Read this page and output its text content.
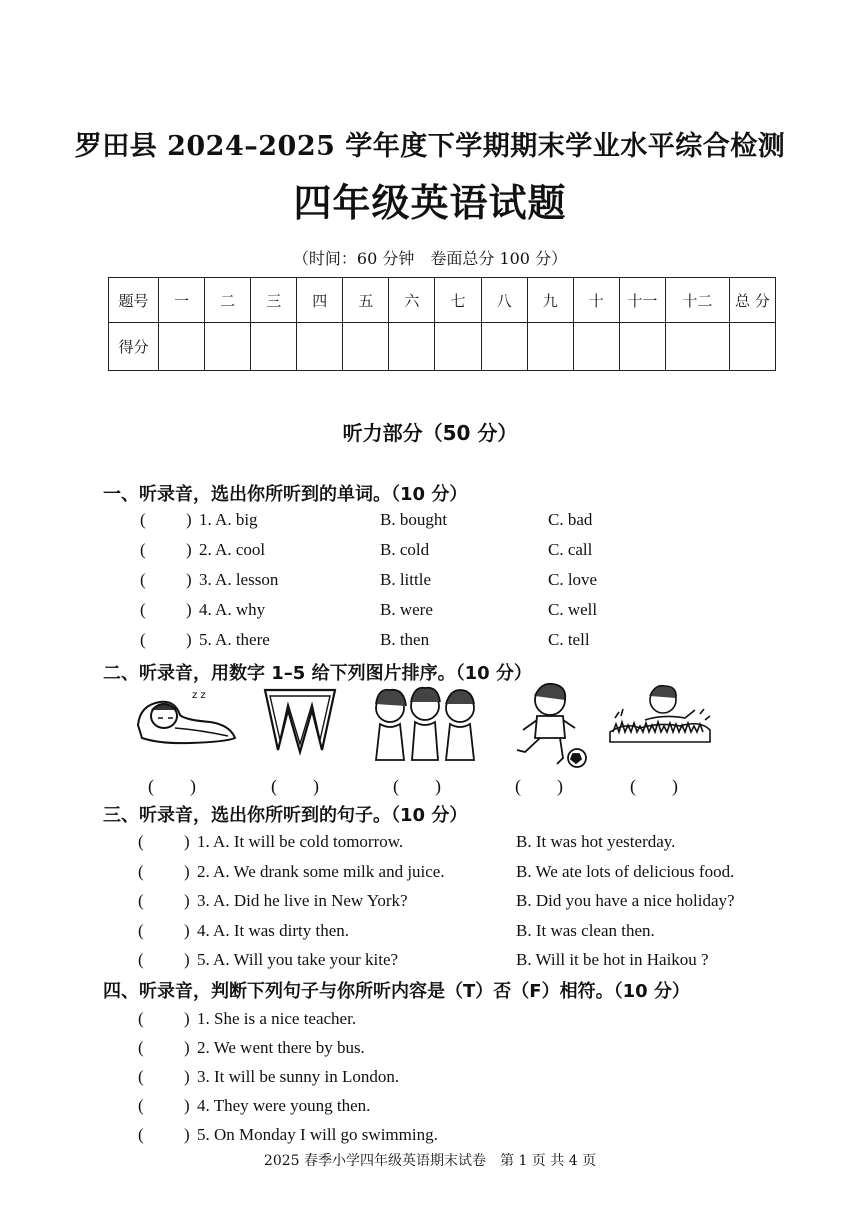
罗田县 2024–2025 学年度下学期期末学业水平综合检测
四年级英语试题
（时间：60 分钟　卷面总分 100 分）
题号	一	二	三	四	五	六	七	八	九	十	十一	十二	总 分
得分													
听力部分（50 分）
一、听录音，选出你所听到的单词。（10 分）
( ) 1. A. big	B. bought	C. bad
( ) 2. A. cool	B. cold	C. call
( ) 3. A. lesson	B. little	C. love
( ) 4. A. why	B. were	C. well
( ) 5. A. there	B. then	C. tell
二、听录音，用数字 1–5 给下列图片排序。（10 分）
z z
(　　)	(　　)	(　　)	(　　)	(　　)
三、听录音，选出你所听到的句子。（10 分）
( ) 1. A. It will be cold tomorrow.	B. It was hot yesterday.
( ) 2. A. We drank some milk and juice.	B. We ate lots of delicious food.
( ) 3. A. Did he live in New York?	B. Did you have a nice holiday?
( ) 4. A. It was dirty then.	B. It was clean then.
( ) 5. A. Will you take your kite?	B. Will it be hot in Haikou ?
四、听录音，判断下列句子与你所听内容是（T）否（F）相符。（10 分）
( ) 1. She is a nice teacher.
( ) 2. We went there by bus.
( ) 3. It will be sunny in London.
( ) 4. They were young then.
( ) 5. On Monday I will go swimming.
2025 春季小学四年级英语期末试卷　第 1 页 共 4 页
